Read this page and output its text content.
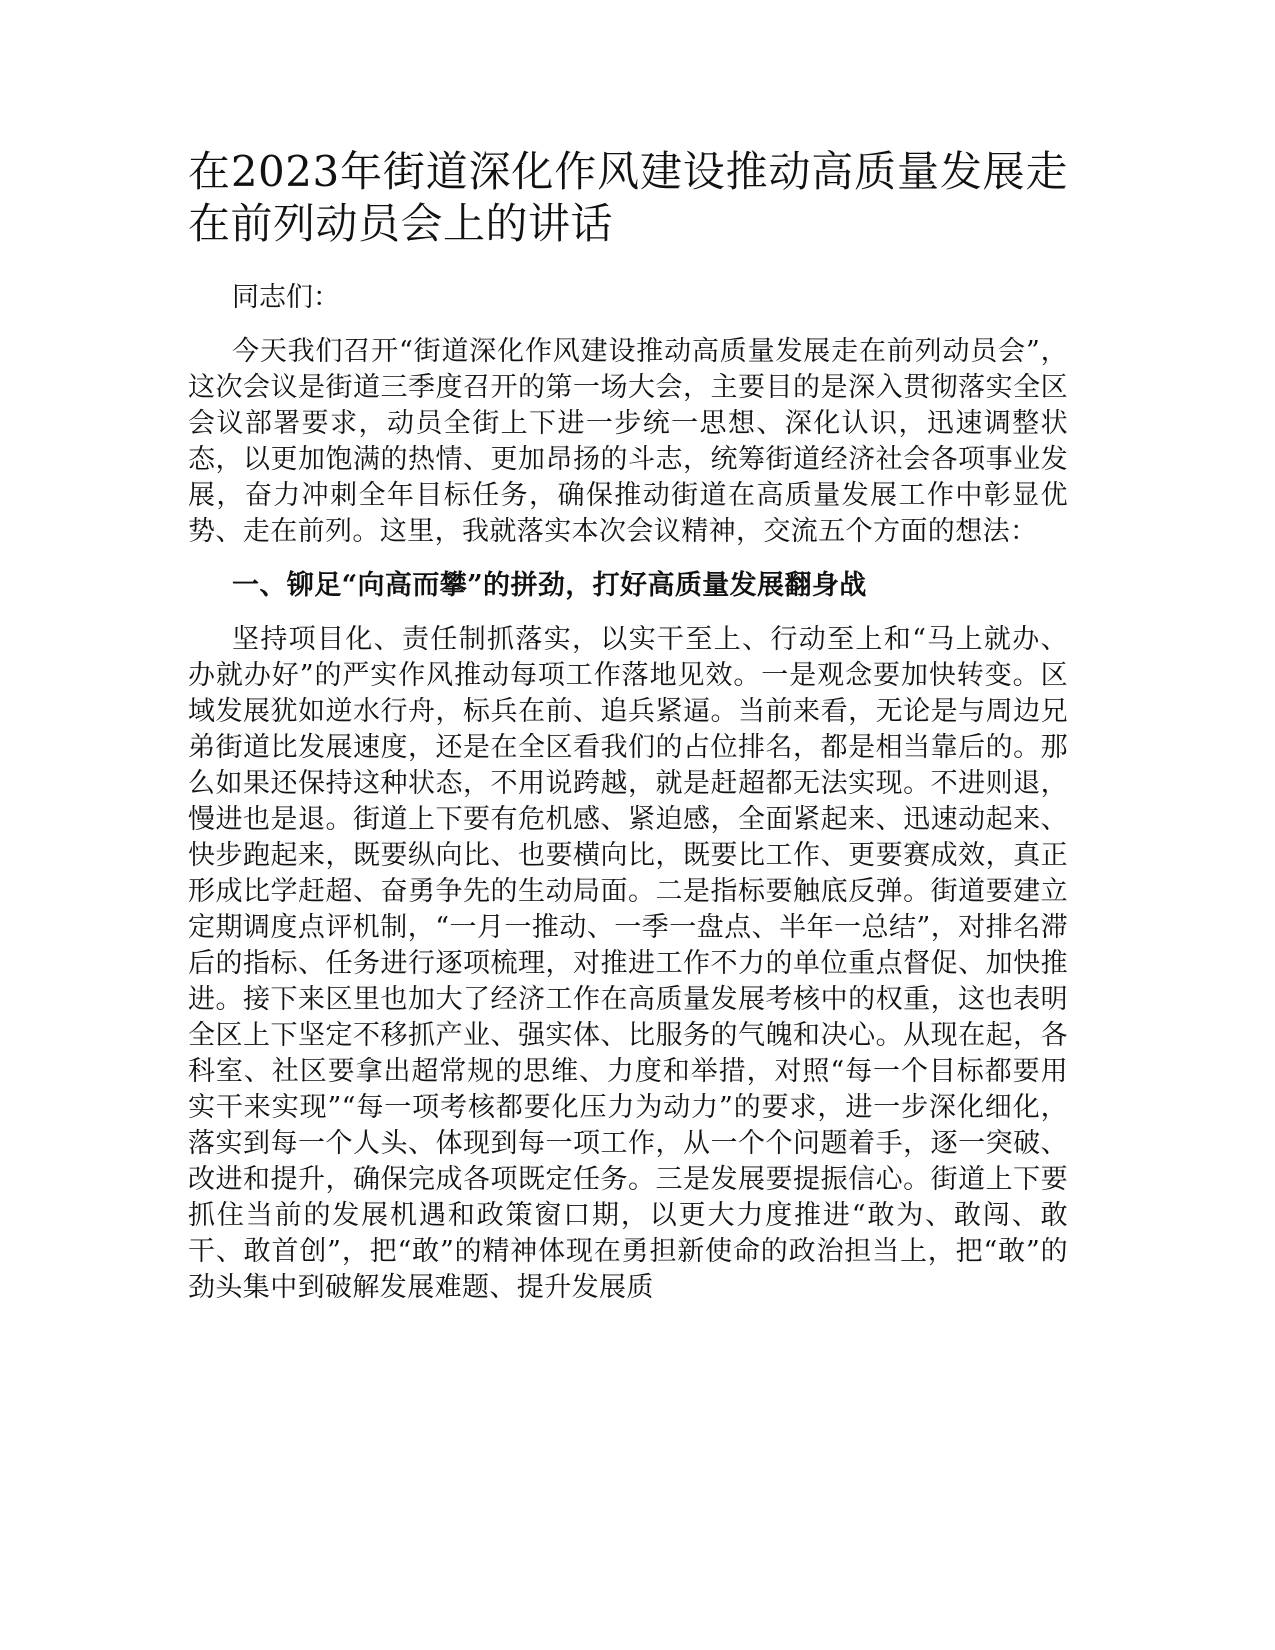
在2023年街道深化作风建设推动高质量发展走在前列动员会上的讲话

同志们：

今天我们召开“街道深化作风建设推动高质量发展走在前列动员会”，这次会议是街道三季度召开的第一场大会，主要目的是深入贯彻落实全区会议部署要求，动员全街上下进一步统一思想、深化认识，迅速调整状态，以更加饱满的热情、更加昂扬的斗志，统筹街道经济社会各项事业发展，奋力冲刺全年目标任务，确保推动街道在高质量发展工作中彰显优势、走在前列。这里，我就落实本次会议精神，交流五个方面的想法：

一、铆足“向高而攀”的拼劲，打好高质量发展翻身战

坚持项目化、责任制抓落实，以实干至上、行动至上和“马上就办、办就办好”的严实作风推动每项工作落地见效。一是观念要加快转变。区域发展犹如逆水行舟，标兵在前、追兵紧逼。当前来看，无论是与周边兄弟街道比发展速度，还是在全区看我们的占位排名，都是相当靠后的。那么如果还保持这种状态，不用说跨越，就是赶超都无法实现。不进则退，慢进也是退。街道上下要有危机感、紧迫感，全面紧起来、迅速动起来、快步跑起来，既要纵向比、也要横向比，既要比工作、更要赛成效，真正形成比学赶超、奋勇争先的生动局面。二是指标要触底反弹。街道要建立定期调度点评机制，“一月一推动、一季一盘点、半年一总结”，对排名滞后的指标、任务进行逐项梳理，对推进工作不力的单位重点督促、加快推进。接下来区里也加大了经济工作在高质量发展考核中的权重，这也表明全区上下坚定不移抓产业、强实体、比服务的气魄和决心。从现在起，各科室、社区要拿出超常规的思维、力度和举措，对照“每一个目标都要用实干来实现”“每一项考核都要化压力为动力”的要求，进一步深化细化，落实到每一个人头、体现到每一项工作，从一个个问题着手，逐一突破、改进和提升，确保完成各项既定任务。三是发展要提振信心。街道上下要抓住当前的发展机遇和政策窗口期，以更大力度推进“敢为、敢闯、敢干、敢首创”，把“敢”的精神体现在勇担新使命的政治担当上，把“敢”的劲头集中到破解发展难题、提升发展质
